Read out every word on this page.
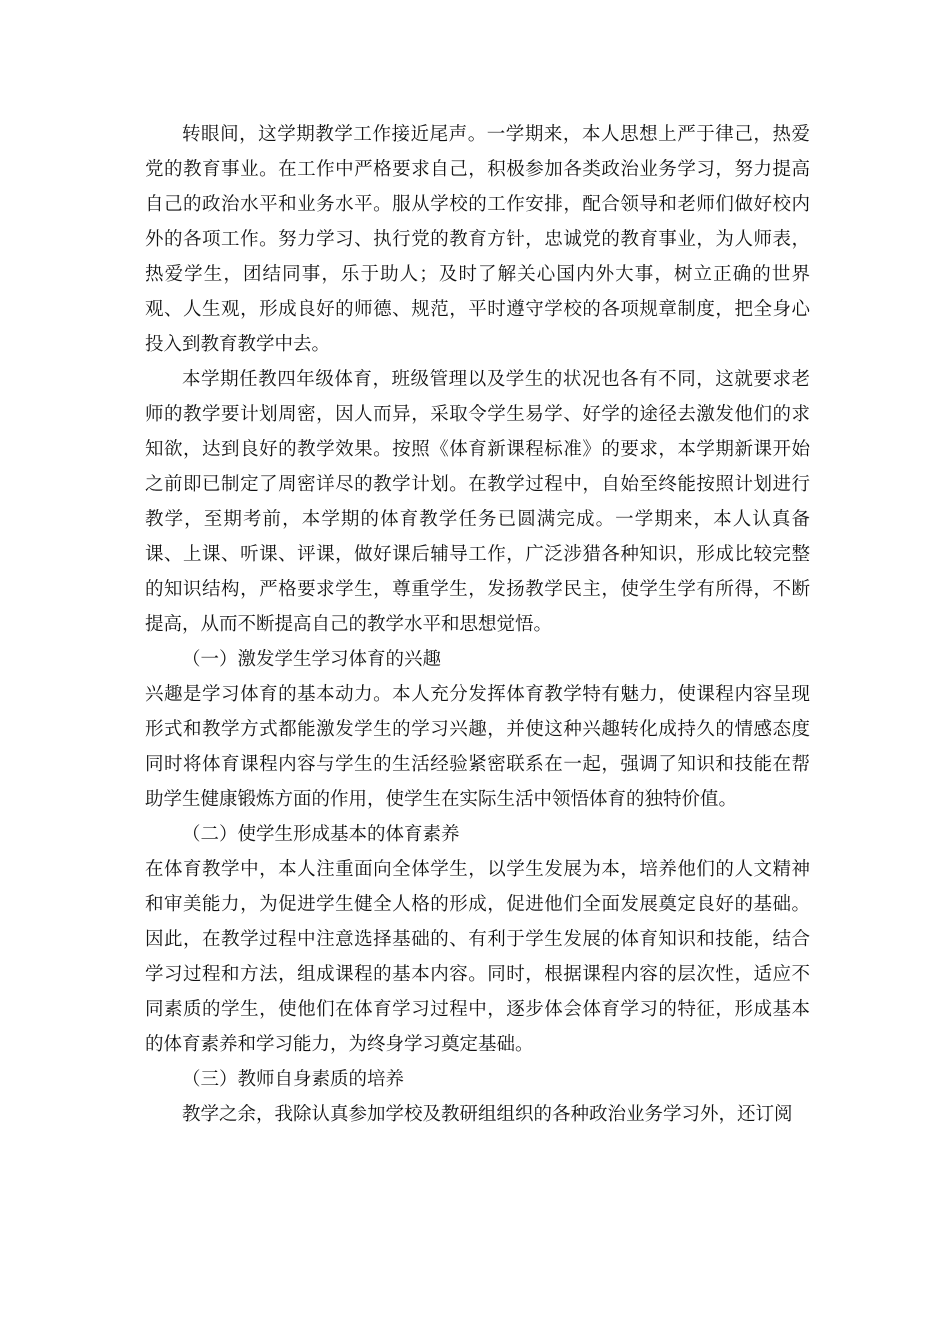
转眼间，这学期教学工作接近尾声。一学期来，本人思想上严于律己，热爱党的教育事业。在工作中严格要求自己，积极参加各类政治业务学习，努力提高自己的政治水平和业务水平。服从学校的工作安排，配合领导和老师们做好校内外的各项工作。努力学习、执行党的教育方针，忠诚党的教育事业，为人师表，热爱学生，团结同事，乐于助人；及时了解关心国内外大事，树立正确的世界观、人生观，形成良好的师德、规范，平时遵守学校的各项规章制度，把全身心投入到教育教学中去。

本学期任教四年级体育，班级管理以及学生的状况也各有不同，这就要求老师的教学要计划周密，因人而异，采取令学生易学、好学的途径去激发他们的求知欲，达到良好的教学效果。按照《体育新课程标准》的要求，本学期新课开始之前即已制定了周密详尽的教学计划。在教学过程中，自始至终能按照计划进行教学，至期考前，本学期的体育教学任务已圆满完成。一学期来，本人认真备课、上课、听课、评课，做好课后辅导工作，广泛涉猎各种知识，形成比较完整的知识结构，严格要求学生，尊重学生，发扬教学民主，使学生学有所得，不断提高，从而不断提高自己的教学水平和思想觉悟。

（一）激发学生学习体育的兴趣

兴趣是学习体育的基本动力。本人充分发挥体育教学特有魅力，使课程内容呈现形式和教学方式都能激发学生的学习兴趣，并使这种兴趣转化成持久的情感态度同时将体育课程内容与学生的生活经验紧密联系在一起，强调了知识和技能在帮助学生健康锻炼方面的作用，使学生在实际生活中领悟体育的独特价值。

（二）使学生形成基本的体育素养

在体育教学中，本人注重面向全体学生，以学生发展为本，培养他们的人文精神和审美能力，为促进学生健全人格的形成，促进他们全面发展奠定良好的基础。因此，在教学过程中注意选择基础的、有利于学生发展的体育知识和技能，结合学习过程和方法，组成课程的基本内容。同时，根据课程内容的层次性，适应不同素质的学生，使他们在体育学习过程中，逐步体会体育学习的特征，形成基本的体育素养和学习能力，为终身学习奠定基础。

（三）教师自身素质的培养

教学之余，我除认真参加学校及教研组组织的各种政治业务学习外，还订阅
